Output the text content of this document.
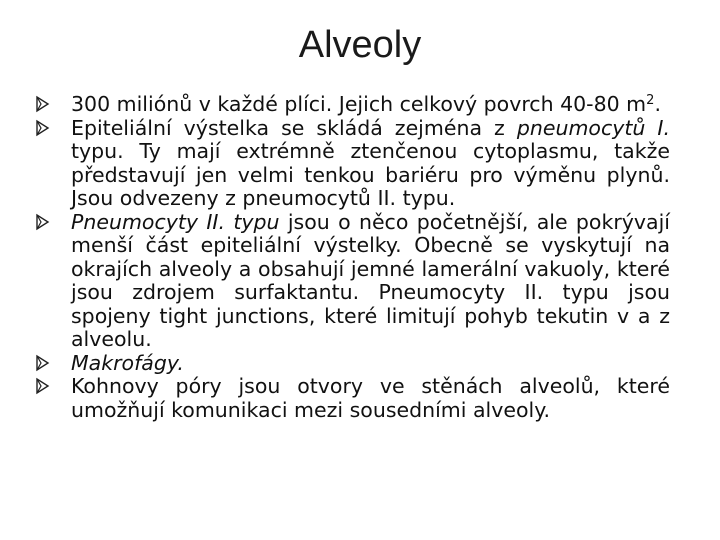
Alveoly
300 miliónů v každé plíci. Jejich celkový povrch 40-80 $m^2$.
Epiteliální výstelka se skládá zejména z pneumocytů I. typu. Ty mají extrémně ztenčenou cytoplasmu, takže představují jen velmi tenkou bariéru pro výměnu plynů. Jsou odvezeny z pneumocytů II. typu.
Pneumocyty II. typu jsou o něco početnější, ale pokrývají menší část epiteliální výstelky. Obecně se vyskytují na okrajích alveoly a obsahují jemné lamerální vakuoly, které jsou zdrojem surfaktantu. Pneumocyty II. typu jsou spojeny tight junctions, které limitují pohyb tekutin v a z alveolu.
Makrofágy.
Kohnovy póry jsou otvory ve stěnách alveolů, které umožňují komunikaci mezi sousedními alveoly.
